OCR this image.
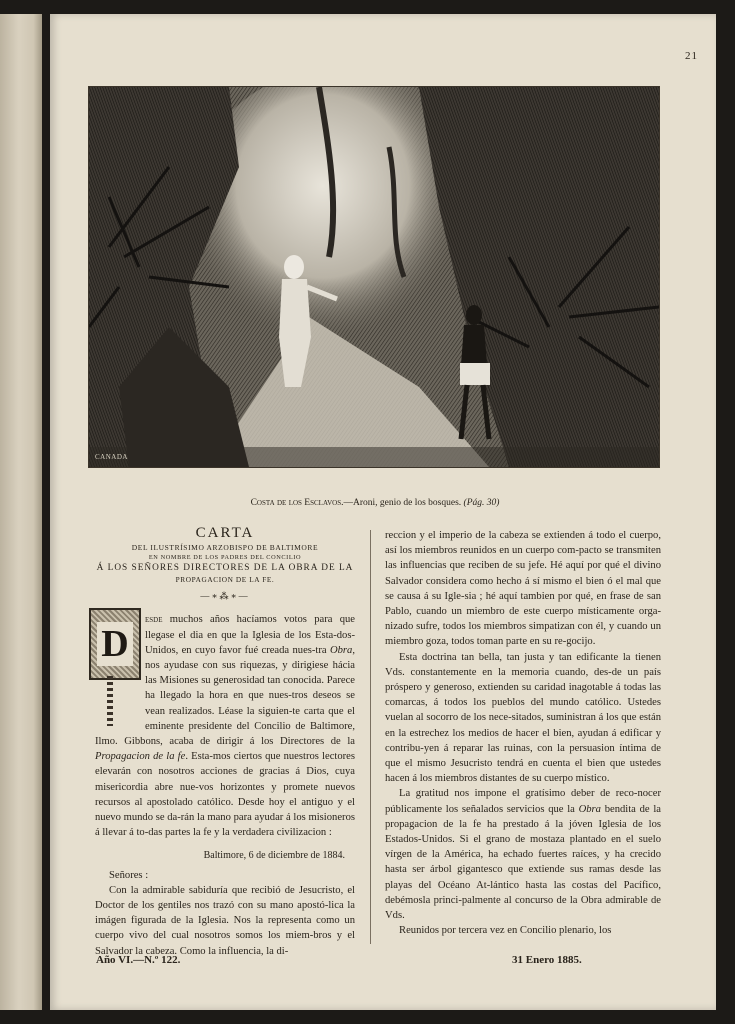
21
CANADA
Costa de los Esclavos.—Aroni, genio de los bosques. (Pág. 30)
CARTA
DEL ILUSTRÍSIMO ARZOBISPO DE BALTIMORE
EN NOMBRE DE LOS PADRES DEL CONCILIO
Á LOS SEÑORES DIRECTORES DE LA OBRA DE LA
PROPAGACION DE LA FE.
—∗⁂∗—

D
esde muchos años hacíamos votos para que llegase el dia en que la Iglesia de los Esta-dos-Unidos, en cuyo favor fué creada nues-tra Obra, nos ayudase con sus riquezas, y dirigiese hácia las Misiones su generosidad tan conocida. Parece ha llegado la hora en que nues-tros deseos se vean realizados. Léase la siguien-te carta que el eminente presidente del Concilio de Baltimore, Ilmo. Gibbons, acaba de dirigir á los Directores de la Propagacion de la fe. Esta-mos ciertos que nuestros lectores elevarán con nosotros acciones de gracias á Dios, cuya misericordia abre nue-vos horizontes y promete nuevos recursos al apostolado católico. Desde hoy el antiguo y el nuevo mundo se da-rán la mano para ayudar á los misioneros á llevar á to-das partes la fe y la verdadera civilizacion :

Baltimore, 6 de diciembre de 1884.

Señores :

Con la admirable sabiduría que recibió de Jesucristo, el Doctor de los gentiles nos trazó con su mano apostó-lica la imágen figurada de la Iglesia. Nos la representa como un cuerpo vivo del cual nosotros somos los miem-bros y el Salvador la cabeza. Como la influencia, la di-

reccion y el imperio de la cabeza se extienden á todo el cuerpo, así los miembros reunidos en un cuerpo com-pacto se transmiten las influencias que reciben de su jefe. Hé aquí por qué el divino Salvador considera como hecho á sí mismo el bien ó el mal que se causa á su Igle-sia ; hé aquí tambien por qué, en frase de san Pablo, cuando un miembro de este cuerpo místicamente orga-nizado sufre, todos los miembros simpatizan con él, y cuando un miembro goza, todos toman parte en su re-gocijo.

Esta doctrina tan bella, tan justa y tan edificante la tienen Vds. constantemente en la memoria cuando, des-de un país próspero y generoso, extienden su caridad inagotable á todas las comarcas, á todos los pueblos del mundo católico. Ustedes vuelan al socorro de los nece-sitados, suministran á los que están en la estrechez los medios de hacer el bien, ayudan á edificar y contribu-yen á reparar las ruinas, con la persuasion íntima de que el mismo Jesucristo tendrá en cuenta el bien que ustedes hacen á los miembros distantes de su cuerpo místico.

La gratitud nos impone el gratísimo deber de reco-nocer públicamente los señalados servicios que la Obra bendita de la propagacion de la fe ha prestado á la jóven Iglesia de los Estados-Unidos. Si el grano de mostaza plantado en el suelo vírgen de la América, ha echado fuertes raíces, y ha crecido hasta ser árbol gigantesco que extiende sus ramas desde las playas del Océano At-lántico hasta las costas del Pacífico, debémosla princi-palmente al concurso de la Obra admirable de Vds.

Reunidos por tercera vez en Concilio plenario, los

Año VI.—N.º 122.	31 Enero 1885.
